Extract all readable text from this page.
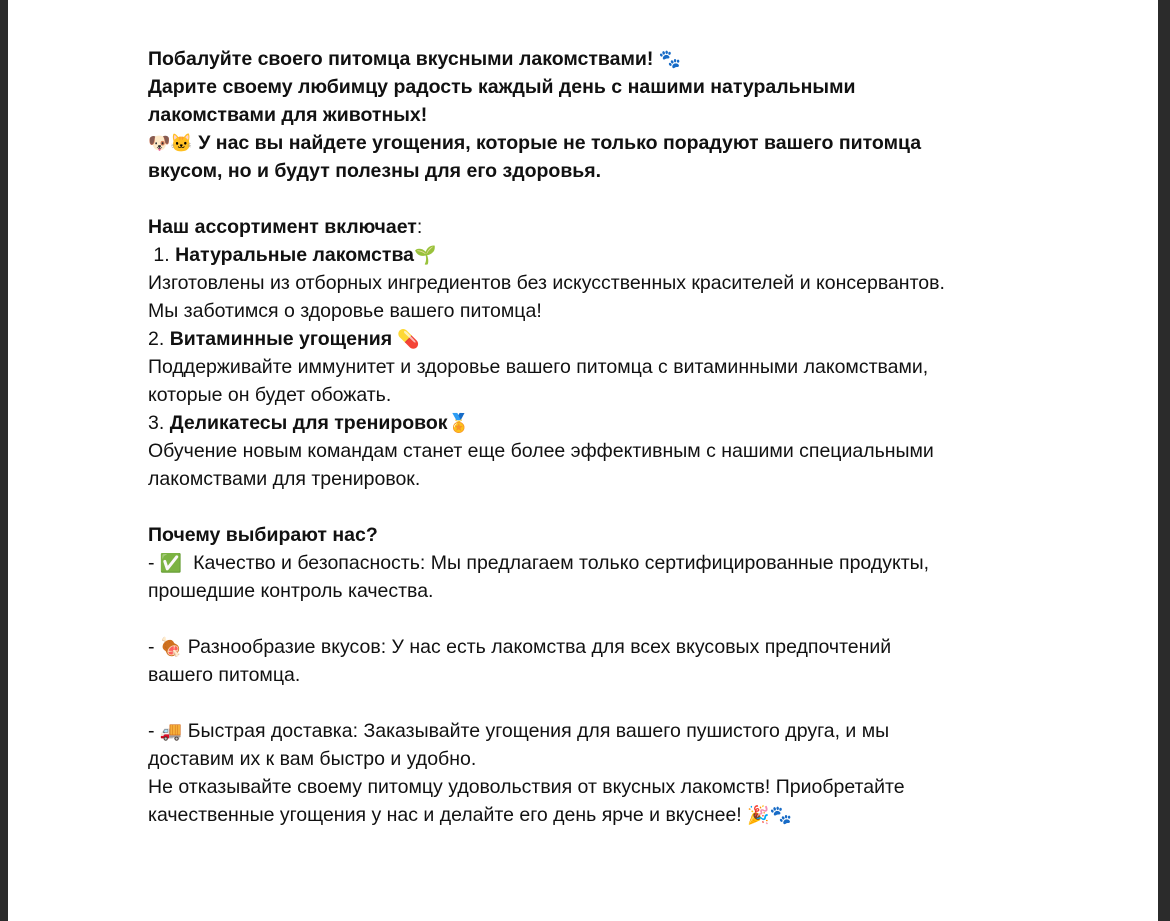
Побалуйте своего питомца вкусными лакомствами! 🐾
Дарите своему любимцу радость каждый день с нашими натуральными
лакомствами для животных!
🐶🐱 У нас вы найдете угощения, которые не только порадуют вашего питомца
вкусом, но и будут полезны для его здоровья.
Наш ассортимент включает:
1. Натуральные лакомства🌱
Изготовлены из отборных ингредиентов без искусственных красителей и консервантов.
Мы заботимся о здоровье вашего питомца!
2. Витаминные угощения 💊
Поддерживайте иммунитет и здоровье вашего питомца с витаминными лакомствами,
которые он будет обожать.
3. Деликатесы для тренировок🏅
Обучение новым командам станет еще более эффективным с нашими специальными
лакомствами для тренировок.
Почему выбирают нас?
- ✅  Качество и безопасность: Мы предлагаем только сертифицированные продукты,
прошедшие контроль качества.
- 🍖 Разнообразие вкусов: У нас есть лакомства для всех вкусовых предпочтений
вашего питомца.
- 🚚 Быстрая доставка: Заказывайте угощения для вашего пушистого друга, и мы
доставим их к вам быстро и удобно.
Не отказывайте своему питомцу удовольствия от вкусных лакомств! Приобретайте
качественные угощения у нас и делайте его день ярче и вкуснее! 🎉🐾
